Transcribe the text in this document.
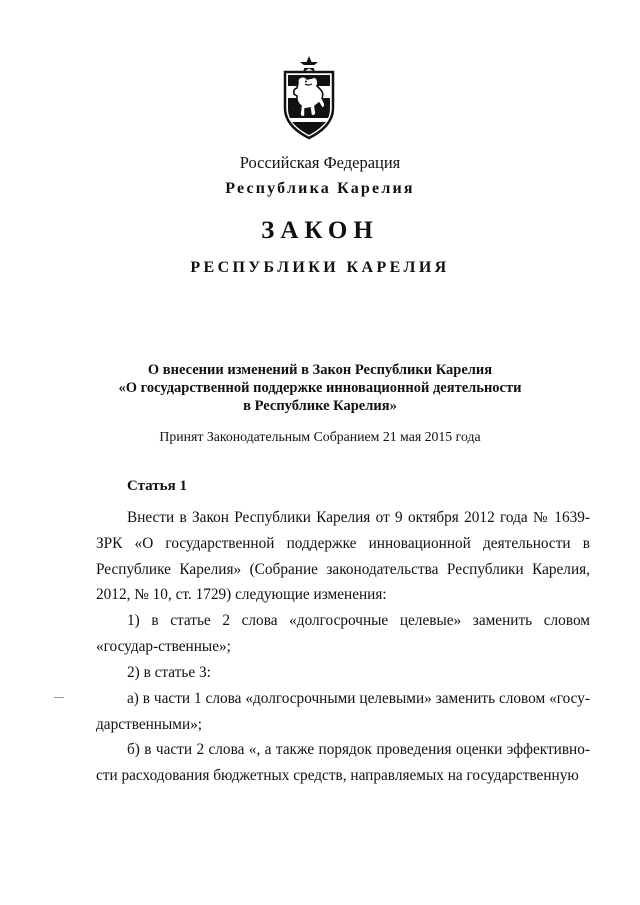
Российская Федерация
Республика Карелия
ЗАКОН
РЕСПУБЛИКИ КАРЕЛИЯ
О внесении изменений в Закон Республики Карелия
«О государственной поддержке инновационной деятельности
в Республике Карелия»
Принят Законодательным Собранием 21 мая 2015 года
Статья 1
Внести в Закон Республики Карелия от 9 октября 2012 года № 1639-ЗРК «О государственной поддержке инновационной деятельности в Республике Карелия» (Собрание законодательства Республики Карелия, 2012, № 10, ст. 1729) следующие изменения:
1) в статье 2 слова «долгосрочные целевые» заменить словом «государ-ственные»;
2) в статье 3:
а) в части 1 слова «долгосрочными целевыми» заменить словом «госу-дарственными»;
б) в части 2 слова «, а также порядок проведения оценки эффективно-сти расходования бюджетных средств, направляемых на государственную
